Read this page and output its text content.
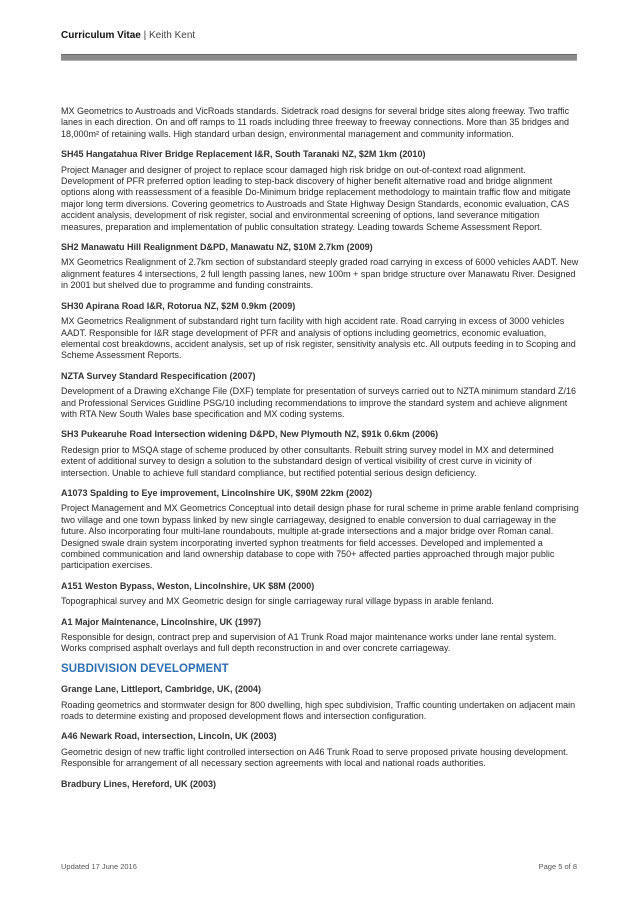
Curriculum Vitae | Keith Kent

MX Geometrics to Austroads and VicRoads standards. Sidetrack road designs for several bridge sites along freeway. Two traffic lanes in each direction. On and off ramps to 11 roads including three freeway to freeway connections. More than 35 bridges and 18,000m² of retaining walls. High standard urban design, environmental management and community information.

SH45 Hangatahua River Bridge Replacement I&R, South Taranaki NZ, $2M 1km (2010)

Project Manager and designer of project to replace scour damaged high risk bridge on out-of-context road alignment. Development of PFR preferred option leading to step-back discovery of higher benefit alternative road and bridge alignment options along with reassessment of a feasible Do-Minimum bridge replacement methodology to maintain traffic flow and mitigate major long term diversions. Covering geometrics to Austroads and State Highway Design Standards, economic evaluation, CAS accident analysis, development of risk register, social and environmental screening of options, land severance mitigation measures, preparation and implementation of public consultation strategy. Leading towards Scheme Assessment Report.

SH2 Manawatu Hill Realignment D&PD, Manawatu NZ, $10M 2.7km (2009)

MX Geometrics Realignment of 2.7km section of substandard steeply graded road carrying in excess of 6000 vehicles AADT. New alignment features 4 intersections, 2 full length passing lanes, new 100m + span bridge structure over Manawatu River. Designed in 2001 but shelved due to programme and funding constraints.

SH30 Apirana Road I&R, Rotorua NZ, $2M 0.9km (2009)

MX Geometrics Realignment of substandard right turn facility with high accident rate. Road carrying in excess of 3000 vehicles AADT. Responsible for I&R stage development of PFR and analysis of options including geometrics, economic evaluation, elemental cost breakdowns, accident analysis, set up of risk register, sensitivity analysis etc. All outputs feeding in to Scoping and Scheme Assessment Reports.

NZTA Survey Standard Respecification (2007)

Development of a Drawing eXchange File (DXF) template for presentation of surveys carried out to NZTA minimum standard Z/16 and Professional Services Guidline PSG/10 including recommendations to improve the standard system and achieve alignment with RTA New South Wales base specification and MX coding systems.

SH3 Pukearuhe Road Intersection widening D&PD, New Plymouth NZ, $91k 0.6km (2006)

Redesign prior to MSQA stage of scheme produced by other consultants. Rebuilt string survey model in MX and determined extent of additional survey to design a solution to the substandard design of vertical visibility of crest curve in vicinity of intersection. Unable to achieve full standard compliance, but rectified potential serious design deficiency.

A1073 Spalding to Eye improvement, Lincolnshire UK, $90M 22km (2002)

Project Management and MX Geometrics Conceptual into detail design phase for rural scheme in prime arable fenland comprising two village and one town bypass linked by new single carriageway, designed to enable conversion to dual carriageway in the future. Also incorporating four multi-lane roundabouts, multiple at-grade intersections and a major bridge over Roman canal. Designed swale drain system incorporating inverted syphon treatments for field accesses. Developed and implemented a combined communication and land ownership database to cope with 750+ affected parties approached through major public participation exercises.

A151 Weston Bypass, Weston, Lincolnshire, UK $8M (2000)

Topographical survey and MX Geometric design for single carriageway rural village bypass in arable fenland.

A1 Major Maintenance, Lincolnshire, UK (1997)

Responsible for design, contract prep and supervision of A1 Trunk Road major maintenance works under lane rental system. Works comprised asphalt overlays and full depth reconstruction in and over concrete carriageway.

SUBDIVISION DEVELOPMENT
Grange Lane, Littleport, Cambridge, UK, (2004)

Roading geometrics and stormwater design for 800 dwelling, high spec subdivision, Traffic counting undertaken on adjacent main roads to determine existing and proposed development flows and intersection configuration.

A46 Newark Road, intersection, Lincoln, UK (2003)

Geometric design of new traffic light controlled intersection on A46 Trunk Road to serve proposed private housing development. Responsible for arrangement of all necessary section agreements with local and national roads authorities.

Bradbury Lines, Hereford, UK (2003)
Updated 17 June 2016	Page 5 of 8
